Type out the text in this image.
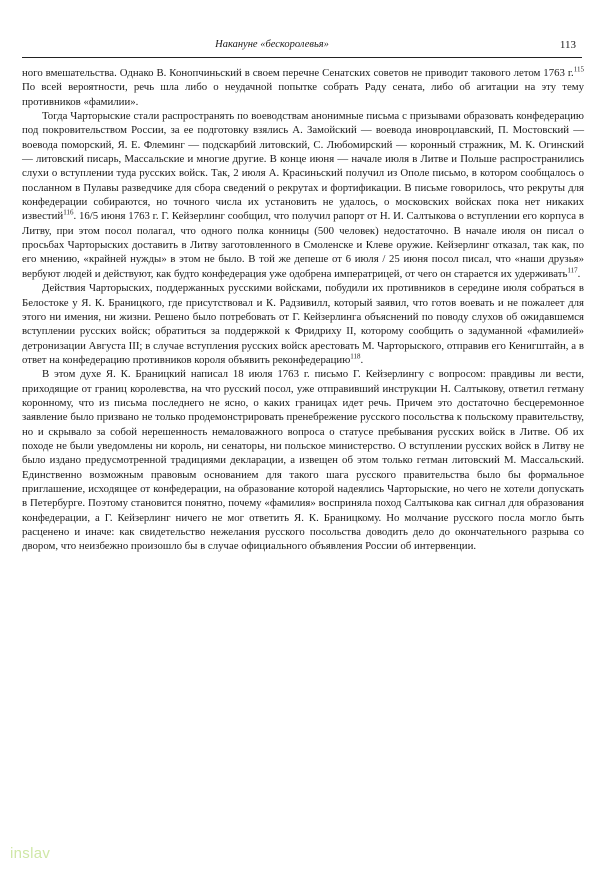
Накануне «бескоролевья»	113

ного вмешательства. Однако В. Конопчиньский в своем перечне Сенатских советов не приводит такового летом 1763 г.$^{115}$ По всей вероятности, речь шла либо о неудачной попытке собрать Раду сената, либо об агитации на эту тему противников «фамилии».

Тогда Чарторыские стали распространять по воеводствам анонимные письма с призывами образовать конфедерацию под покровительством России, за ее подготовку взялись А. Замойский — воевода иновроцлавский, П. Мостовский — воевода поморский, Я. Е. Флеминг — подскарбий литовский, С. Любомирский — коронный стражник, М. К. Огинский — литовский писарь, Массальские и многие другие. В конце июня — начале июля в Литве и Польше распространились слухи о вступлении туда русских войск. Так, 2 июля А. Красиньский получил из Ополе письмо, в котором сообщалось о посланном в Пулавы разведчике для сбора сведений о рекрутах и фортификации. В письме говорилось, что рекруты для конфедерации собираются, но точного числа их установить не удалось, о московских войсках пока нет никаких известий$^{116}$. 16/5 июня 1763 г. Г. Кейзерлинг сообщил, что получил рапорт от Н. И. Салтыкова о вступлении его корпуса в Литву, при этом посол полагал, что одного полка конницы (500 человек) недостаточно. В начале июля он писал о просьбах Чарторыских доставить в Литву заготовленного в Смоленске и Клеве оружие. Кейзерлинг отказал, так как, по его мнению, «крайней нужды» в этом не было. В той же депеше от 6 июля / 25 июня посол писал, что «наши друзья» вербуют людей и действуют, как будто конфедерация уже одобрена императрицей, от чего он старается их удерживать$^{117}$.

Действия Чарторыских, поддержанных русскими войсками, побудили их противников в середине июля собраться в Белостоке у Я. К. Браницкого, где присутствовал и К. Радзивилл, который заявил, что готов воевать и не пожалеет для этого ни имения, ни жизни. Решено было потребовать от Г. Кейзерлинга объяснений по поводу слухов об ожидавшемся вступлении русских войск; обратиться за поддержкой к Фридриху II, которому сообщить о задуманной «фамилией» детронизации Августа III; в случае вступления русских войск арестовать М. Чарторыского, отправив его Кенигштайн, а в ответ на конфедерацию противников короля объявить реконфедерацию$^{118}$.

В этом духе Я. К. Браницкий написал 18 июля 1763 г. письмо Г. Кейзерлингу с вопросом: правдивы ли вести, приходящие от границ королевства, на что русский посол, уже отправивший инструкции Н. Салтыкову, ответил гетману коронному, что из письма последнего не ясно, о каких границах идет речь. Причем это достаточно бесцеремонное заявление было призвано не только продемонстрировать пренебрежение русского посольства к польскому правительству, но и скрывало за собой нерешенность немаловажного вопроса о статусе пребывания русских войск в Литве. Об их походе не были уведомлены ни король, ни сенаторы, ни польское министерство. О вступлении русских войск в Литву не было издано предусмотренной традициями декларации, а извещен об этом только гетман литовский М. Массальский. Единственно возможным правовым основанием для такого шага русского правительства было бы формальное приглашение, исходящее от конфедерации, на образование которой надеялись Чарторыские, но чего не хотели допускать в Петербурге. Поэтому становится понятно, почему «фамилия» восприняла поход Салтыкова как сигнал для образования конфедерации, а Г. Кейзерлинг ничего не мог ответить Я. К. Браницкому. Но молчание русского посла могло быть расценено и иначе: как свидетельство нежелания русского посольства доводить дело до окончательного разрыва со двором, что неизбежно произошло бы в случае официального объявления России об интервенции.

inslav
